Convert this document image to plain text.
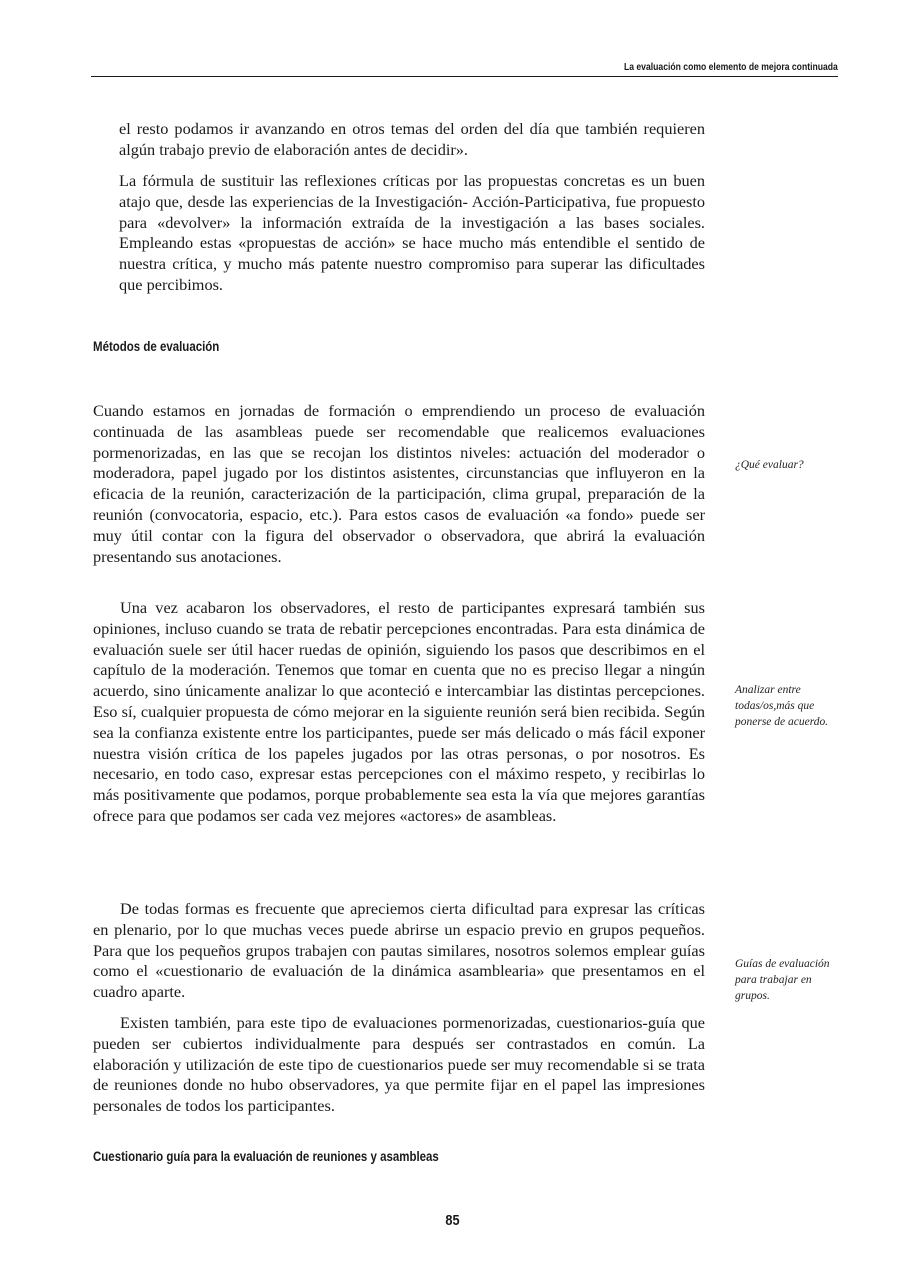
La evaluación como elemento de mejora continuada

el resto podamos ir avanzando en otros temas del orden del día que también requieren algún trabajo previo de elaboración antes de decidir».

La fórmula de sustituir las reflexiones críticas por las propuestas concretas es un buen atajo que, desde las experiencias de la Investigación- Acción-Participativa, fue propuesto para «devolver» la información extraída de la investigación a las bases sociales. Empleando estas «propuestas de acción» se hace mucho más entendible el sentido de nuestra crítica, y mucho más patente nuestro compromiso para superar las dificultades que percibimos.

Métodos de evaluación

Cuando estamos en jornadas de formación o emprendiendo un proceso de evaluación continuada de las asambleas puede ser recomendable que realicemos evaluaciones pormenorizadas, en las que se recojan los distintos niveles: actuación del moderador o moderadora, papel jugado por los distintos asistentes, circunstancias que influyeron en la eficacia de la reunión, caracterización de la participación, clima grupal, preparación de la reunión (convocatoria, espacio, etc.). Para estos casos de evaluación «a fondo» puede ser muy útil contar con la figura del observador o observadora, que abrirá la evaluación presentando sus anotaciones.

Una vez acabaron los observadores, el resto de participantes expresará también sus opiniones, incluso cuando se trata de rebatir percepciones encontradas. Para esta dinámica de evaluación suele ser útil hacer ruedas de opinión, siguiendo los pasos que describimos en el capítulo de la moderación. Tenemos que tomar en cuenta que no es preciso llegar a ningún acuerdo, sino únicamente analizar lo que aconteció e intercambiar las distintas percepciones. Eso sí, cualquier propuesta de cómo mejorar en la siguiente reunión será bien recibida. Según sea la confianza existente entre los participantes, puede ser más delicado o más fácil exponer nuestra visión crítica de los papeles jugados por las otras personas, o por nosotros. Es necesario, en todo caso, expresar estas percepciones con el máximo respeto, y recibirlas lo más positivamente que podamos, porque probablemente sea esta la vía que mejores garantías ofrece para que podamos ser cada vez mejores «actores» de asambleas.

De todas formas es frecuente que apreciemos cierta dificultad para expresar las críticas en plenario, por lo que muchas veces puede abrirse un espacio previo en grupos pequeños. Para que los pequeños grupos trabajen con pautas similares, nosotros solemos emplear guías como el «cuestionario de evaluación de la dinámica asamblearia» que presentamos en el cuadro aparte.

Existen también, para este tipo de evaluaciones pormenorizadas, cuestionarios-guía que pueden ser cubiertos individualmente para después ser contrastados en común. La elaboración y utilización de este tipo de cuestionarios puede ser muy recomendable si se trata de reuniones donde no hubo observadores, ya que permite fijar en el papel las impresiones personales de todos los participantes.

Cuestionario guía para la evaluación de reuniones y asambleas

¿Qué evaluar?

Analizar entre todas/os,más que ponerse de acuerdo.

Guías de evaluación para trabajar en grupos.

85
